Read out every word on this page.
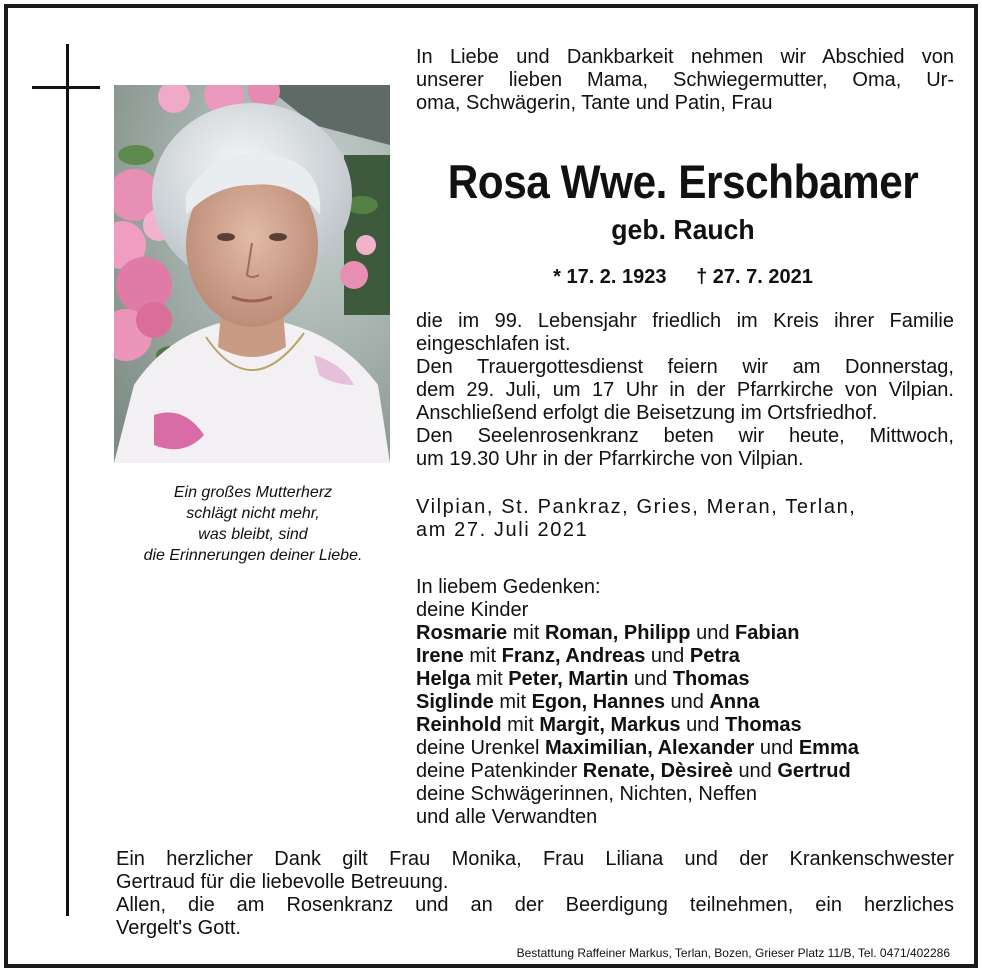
Ein großes Mutterherz
schlägt nicht mehr,
was bleibt, sind
die Erinnerungen deiner Liebe.
In Liebe und Dankbarkeit nehmen wir Abschied von
unserer lieben Mama, Schwiegermutter, Oma, Ur-
oma, Schwägerin, Tante und Patin, Frau
Rosa Wwe. Erschbamer
geb. Rauch
* 17. 2. 1923 † 27. 7. 2021
die im 99. Lebensjahr friedlich im Kreis ihrer Familie
eingeschlafen ist.
Den Trauergottesdienst feiern wir am Donnerstag,
dem 29. Juli, um 17 Uhr in der Pfarrkirche von Vilpian.
Anschließend erfolgt die Beisetzung im Ortsfriedhof.
Den Seelenrosenkranz beten wir heute, Mittwoch,
um 19.30 Uhr in der Pfarrkirche von Vilpian.
Vilpian, St. Pankraz, Gries, Meran, Terlan,
am 27. Juli 2021
In liebem Gedenken:
deine Kinder
Rosmarie mit Roman, Philipp und Fabian
Irene mit Franz, Andreas und Petra
Helga mit Peter, Martin und Thomas
Siglinde mit Egon, Hannes und Anna
Reinhold mit Margit, Markus und Thomas
deine Urenkel Maximilian, Alexander und Emma
deine Patenkinder Renate, Dèsireè und Gertrud
deine Schwägerinnen, Nichten, Neffen
und alle Verwandten
Ein herzlicher Dank gilt Frau Monika, Frau Liliana und der Krankenschwester
Gertraud für die liebevolle Betreuung.
Allen, die am Rosenkranz und an der Beerdigung teilnehmen, ein herzliches
Vergelt's Gott.
Bestattung Raffeiner Markus, Terlan, Bozen, Grieser Platz 11/B, Tel. 0471/402286
